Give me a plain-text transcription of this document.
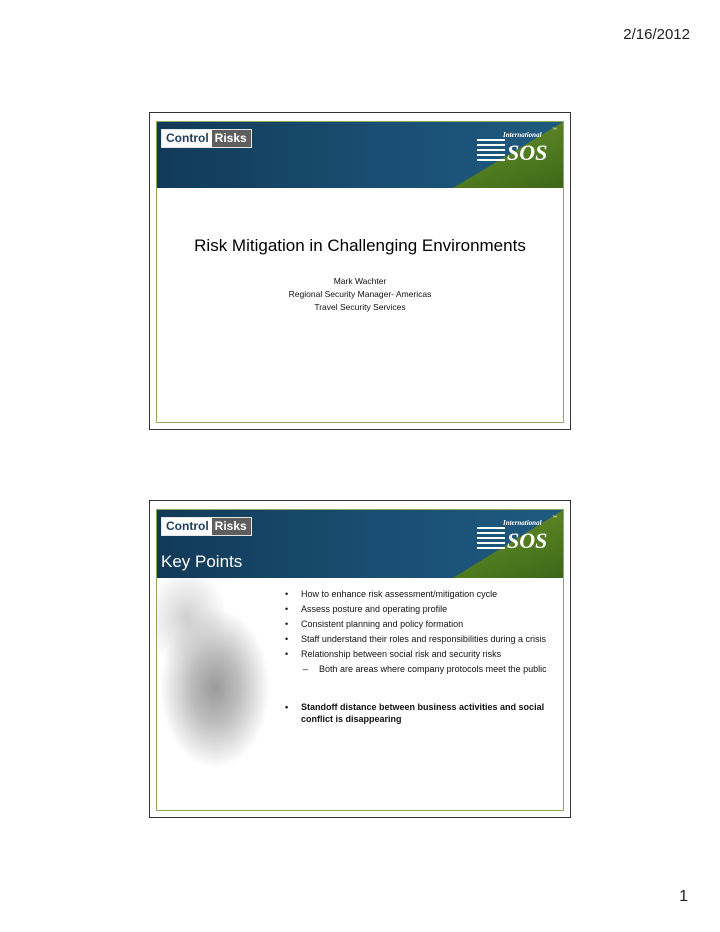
2/16/2012
Control Risks	International
SOS
™
Risk Mitigation in Challenging Environments
Mark Wachter
Regional Security Manager- Americas
Travel Security Services
Control Risks	International
SOS
™
Key Points
• How to enhance risk assessment/mitigation cycle
• Assess posture and operating profile
• Consistent planning and policy formation
• Staff understand their roles and responsibilities during a crisis
• Relationship between social risk and security risks
– Both are areas where company protocols meet the public
• Standoff distance between business activities and social conflict is disappearing
1
